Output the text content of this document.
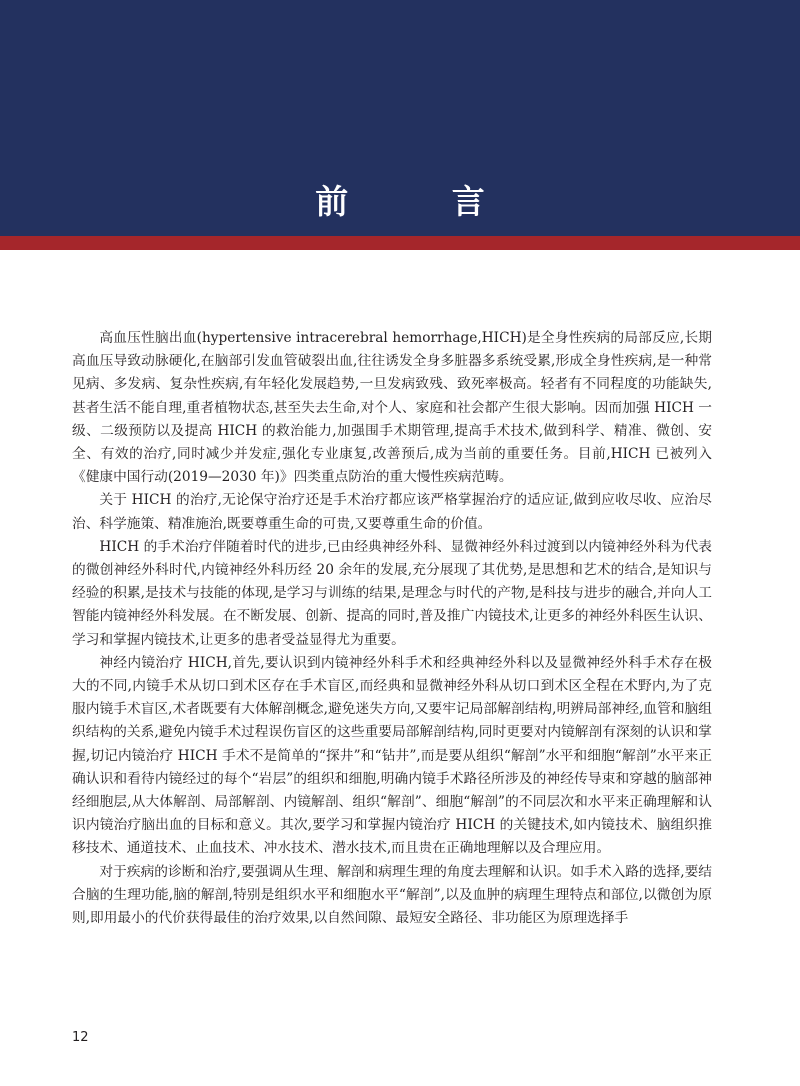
前 言

高血压性脑出血(hypertensive intracerebral hemorrhage,HICH)是全身性疾病的局部反应,长期高血压导致动脉硬化,在脑部引发血管破裂出血,往往诱发全身多脏器多系统受累,形成全身性疾病,是一种常见病、多发病、复杂性疾病,有年轻化发展趋势,一旦发病致残、致死率极高。轻者有不同程度的功能缺失,甚者生活不能自理,重者植物状态,甚至失去生命,对个人、家庭和社会都产生很大影响。因而加强 HICH 一级、二级预防以及提高 HICH 的救治能力,加强围手术期管理,提高手术技术,做到科学、精准、微创、安全、有效的治疗,同时减少并发症,强化专业康复,改善预后,成为当前的重要任务。目前,HICH 已被列入《健康中国行动(2019—2030 年)》四类重点防治的重大慢性疾病范畴。

关于 HICH 的治疗,无论保守治疗还是手术治疗都应该严格掌握治疗的适应证,做到应收尽收、应治尽治、科学施策、精准施治,既要尊重生命的可贵,又要尊重生命的价值。

HICH 的手术治疗伴随着时代的进步,已由经典神经外科、显微神经外科过渡到以内镜神经外科为代表的微创神经外科时代,内镜神经外科历经 20 余年的发展,充分展现了其优势,是思想和艺术的结合,是知识与经验的积累,是技术与技能的体现,是学习与训练的结果,是理念与时代的产物,是科技与进步的融合,并向人工智能内镜神经外科发展。在不断发展、创新、提高的同时,普及推广内镜技术,让更多的神经外科医生认识、学习和掌握内镜技术,让更多的患者受益显得尤为重要。

神经内镜治疗 HICH,首先,要认识到内镜神经外科手术和经典神经外科以及显微神经外科手术存在极大的不同,内镜手术从切口到术区存在手术盲区,而经典和显微神经外科从切口到术区全程在术野内,为了克服内镜手术盲区,术者既要有大体解剖概念,避免迷失方向,又要牢记局部解剖结构,明辨局部神经,血管和脑组织结构的关系,避免内镜手术过程误伤盲区的这些重要局部解剖结构,同时更要对内镜解剖有深刻的认识和掌握,切记内镜治疗 HICH 手术不是简单的“探井”和“钻井”,而是要从组织“解剖”水平和细胞“解剖”水平来正确认识和看待内镜经过的每个“岩层”的组织和细胞,明确内镜手术路径所涉及的神经传导束和穿越的脑部神经细胞层,从大体解剖、局部解剖、内镜解剖、组织“解剖”、细胞“解剖”的不同层次和水平来正确理解和认识内镜治疗脑出血的目标和意义。其次,要学习和掌握内镜治疗 HICH 的关键技术,如内镜技术、脑组织推移技术、通道技术、止血技术、冲水技术、潜水技术,而且贵在正确地理解以及合理应用。

对于疾病的诊断和治疗,要强调从生理、解剖和病理生理的角度去理解和认识。如手术入路的选择,要结合脑的生理功能,脑的解剖,特别是组织水平和细胞水平“解剖”,以及血肿的病理生理特点和部位,以微创为原则,即用最小的代价获得最佳的治疗效果,以自然间隙、最短安全路径、非功能区为原理选择手

12
